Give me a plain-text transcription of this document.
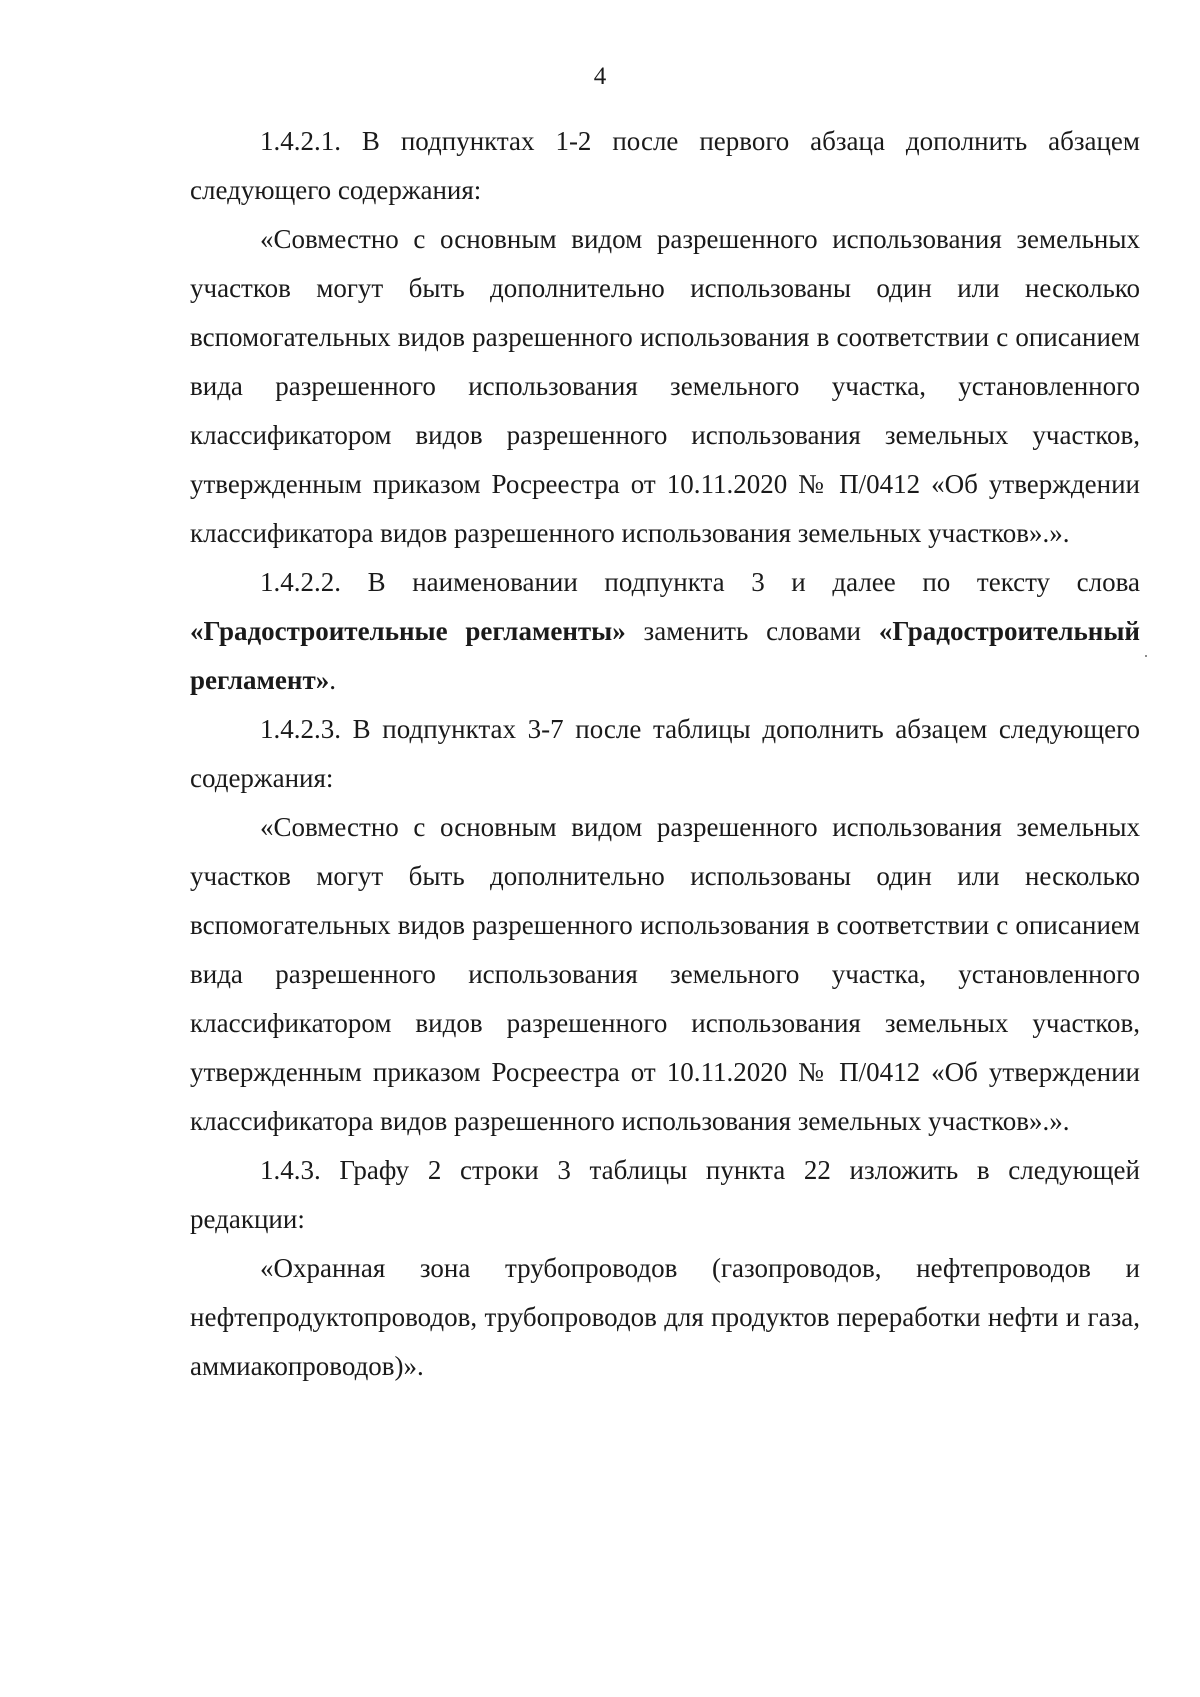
4

1.4.2.1. В подпунктах 1-2 после первого абзаца дополнить абзацем следующего содержания:

«Совместно с основным видом разрешенного использования земельных участков могут быть дополнительно использованы один или несколько вспомогательных видов разрешенного использования в соответствии с описанием вида разрешенного использования земельного участка, установленного классификатором видов разрешенного использования земельных участков, утвержденным приказом Росреестра от 10.11.2020 № П/0412 «Об утверждении классификатора видов разрешенного использования земельных участков».».

1.4.2.2. В наименовании подпункта 3 и далее по тексту слова «Градостроительные регламенты» заменить словами «Градостроительный регламент».

1.4.2.3. В подпунктах 3-7 после таблицы дополнить абзацем следующего содержания:

«Совместно с основным видом разрешенного использования земельных участков могут быть дополнительно использованы один или несколько вспомогательных видов разрешенного использования в соответствии с описанием вида разрешенного использования земельного участка, установленного классификатором видов разрешенного использования земельных участков, утвержденным приказом Росреестра от 10.11.2020 № П/0412 «Об утверждении классификатора видов разрешенного использования земельных участков».».

1.4.3. Графу 2 строки 3 таблицы пункта 22 изложить в следующей редакции:

«Охранная зона трубопроводов (газопроводов, нефтепроводов и нефтепродуктопроводов, трубопроводов для продуктов переработки нефти и газа, аммиакопроводов)».
